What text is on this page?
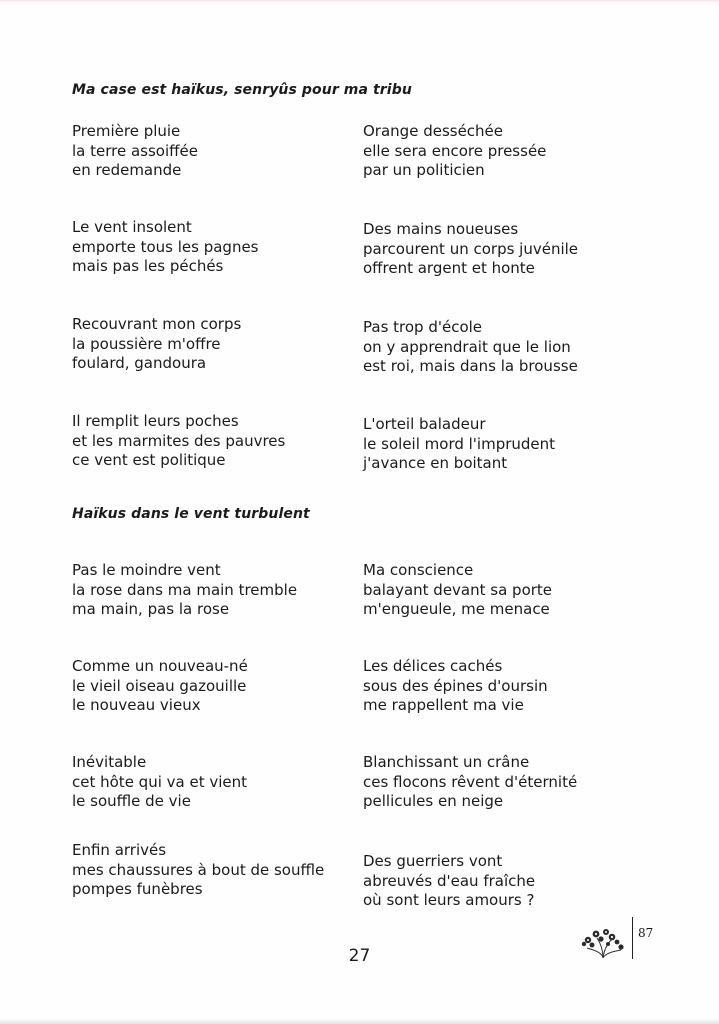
Ma case est haïkus, senryûs pour ma tribu
Première pluie
la terre assoiffée
en redemande
Orange desséchée
elle sera encore pressée
par un politicien
Le vent insolent
emporte tous les pagnes
mais pas les péchés
Des mains noueuses
parcourent un corps juvénile
offrent argent et honte
Recouvrant mon corps
la poussière m'offre
foulard, gandoura
Pas trop d'école
on y apprendrait que le lion
est roi, mais dans la brousse
Il remplit leurs poches
et les marmites des pauvres
ce vent est politique
L'orteil baladeur
le soleil mord l'imprudent
j'avance en boitant
Haïkus dans le vent turbulent
Pas le moindre vent
la rose dans ma main tremble
ma main, pas la rose
Ma conscience
balayant devant sa porte
m'engueule, me menace
Comme un nouveau-né
le vieil oiseau gazouille
le nouveau vieux
Les délices cachés
sous des épines d'oursin
me rappellent ma vie
Inévitable
cet hôte qui va et vient
le souffle de vie
Blanchissant un crâne
ces flocons rêvent d'éternité
pellicules en neige
Enfin arrivés
mes chaussures à bout de souffle
pompes funèbres
Des guerriers vont
abreuvés d'eau fraîche
où sont leurs amours ?
27
87
